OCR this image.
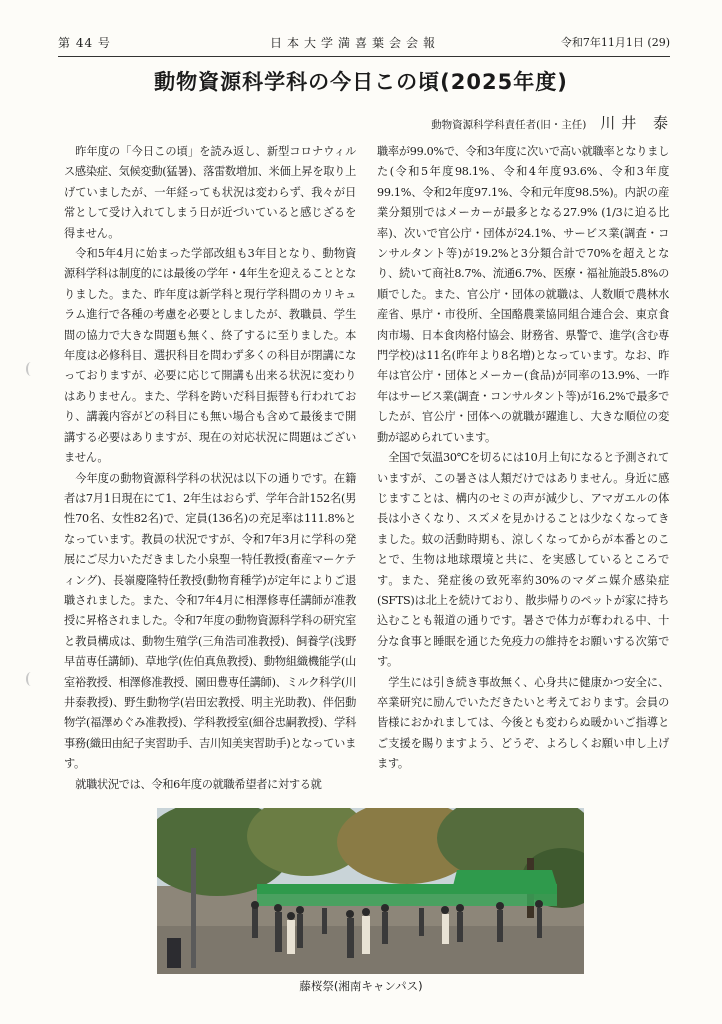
第 44 号	日本大学満喜葉会会報	令和7年11月1日 (29)
動物資源科学科の今日この頃(2025年度)
動物資源科学科責任者(旧・主任) 川井 泰

昨年度の「今日この頃」を読み返し、新型コロナウィルス感染症、気候変動(猛暑)、落雷数増加、米価上昇を取り上げていましたが、一年経っても状況は変わらず、我々が日常として受け入れてしまう日が近づいていると感じざるを得ません。

令和5年4月に始まった学部改組も3年目となり、動物資源科学科は制度的には最後の学年・4年生を迎えることとなりました。また、昨年度は新学科と現行学科間のカリキュラム進行で各種の考慮を必要としましたが、教職員、学生間の協力で大きな問題も無く、終了するに至りました。本年度は必修科目、選択科目を問わず多くの科目が閉講になっておりますが、必要に応じて開講も出来る状況に変わりはありません。また、学科を跨いだ科目振替も行われており、講義内容がどの科目にも無い場合も含めて最後まで開講する必要はありますが、現在の対応状況に問題はございません。

今年度の動物資源科学科の状況は以下の通りです。在籍者は7月1日現在にて1、2年生はおらず、学年合計152名(男性70名、女性82名)で、定員(136名)の充足率は111.8%となっています。教員の状況ですが、令和7年3月に学科の発展にご尽力いただきました小泉聖一特任教授(畜産マーケティング)、長嶺慶隆特任教授(動物育種学)が定年によりご退職されました。また、令和7年4月に相澤修専任講師が准教授に昇格されました。令和7年度の動物資源科学科の研究室と教員構成は、動物生殖学(三角浩司准教授)、飼養学(浅野早苗専任講師)、草地学(佐伯真魚教授)、動物組織機能学(山室裕教授、相澤修准教授、園田豊専任講師)、ミルク科学(川井泰教授)、野生動物学(岩田宏教授、明主光助教)、伴侶動物学(福澤めぐみ准教授)、学科教授室(細谷忠嗣教授)、学科事務(織田由紀子実習助手、吉川知美実習助手)となっています。

就職状況では、令和6年度の就職希望者に対する就

職率が99.0%で、令和3年度に次いで高い就職率となりました(令和5年度98.1%、令和4年度93.6%、令和3年度99.1%、令和2年度97.1%、令和元年度98.5%)。内訳の産業分類別ではメーカーが最多となる27.9% (1/3に迫る比率)、次いで官公庁・団体が24.1%、サービス業(調査・コンサルタント等)が19.2%と3分類合計で70%を超えとなり、続いて商社8.7%、流通6.7%、医療・福祉施設5.8%の順でした。また、官公庁・団体の就職は、人数順で農林水産省、県庁・市役所、全国酪農業協同組合連合会、東京食肉市場、日本食肉格付協会、財務省、県警で、進学(含む専門学校)は11名(昨年より8名増)となっています。なお、昨年は官公庁・団体とメーカー(食品)が同率の13.9%、一昨年はサービス業(調査・コンサルタント等)が16.2%で最多でしたが、官公庁・団体への就職が躍進し、大きな順位の変動が認められています。

全国で気温30℃を切るには10月上旬になると予測されていますが、この暑さは人類だけではありません。身近に感じますことは、構内のセミの声が減少し、アマガエルの体長は小さくなり、スズメを見かけることは少なくなってきました。蚊の活動時期も、涼しくなってからが本番とのことで、生物は地球環境と共に、を実感しているところです。また、発症後の致死率約30%のマダニ媒介感染症(SFTS)は北上を続けており、散歩帰りのペットが家に持ち込むことも報道の通りです。暑さで体力が奪われる中、十分な食事と睡眠を通じた免疫力の維持をお願いする次第です。

学生には引き続き事故無く、心身共に健康かつ安全に、卒業研究に励んでいただきたいと考えております。会員の皆様におかれましては、今後とも変わらぬ暖かいご指導とご支援を賜りますよう、どうぞ、よろしくお願い申し上げます。

藤桜祭(湘南キャンパス)
